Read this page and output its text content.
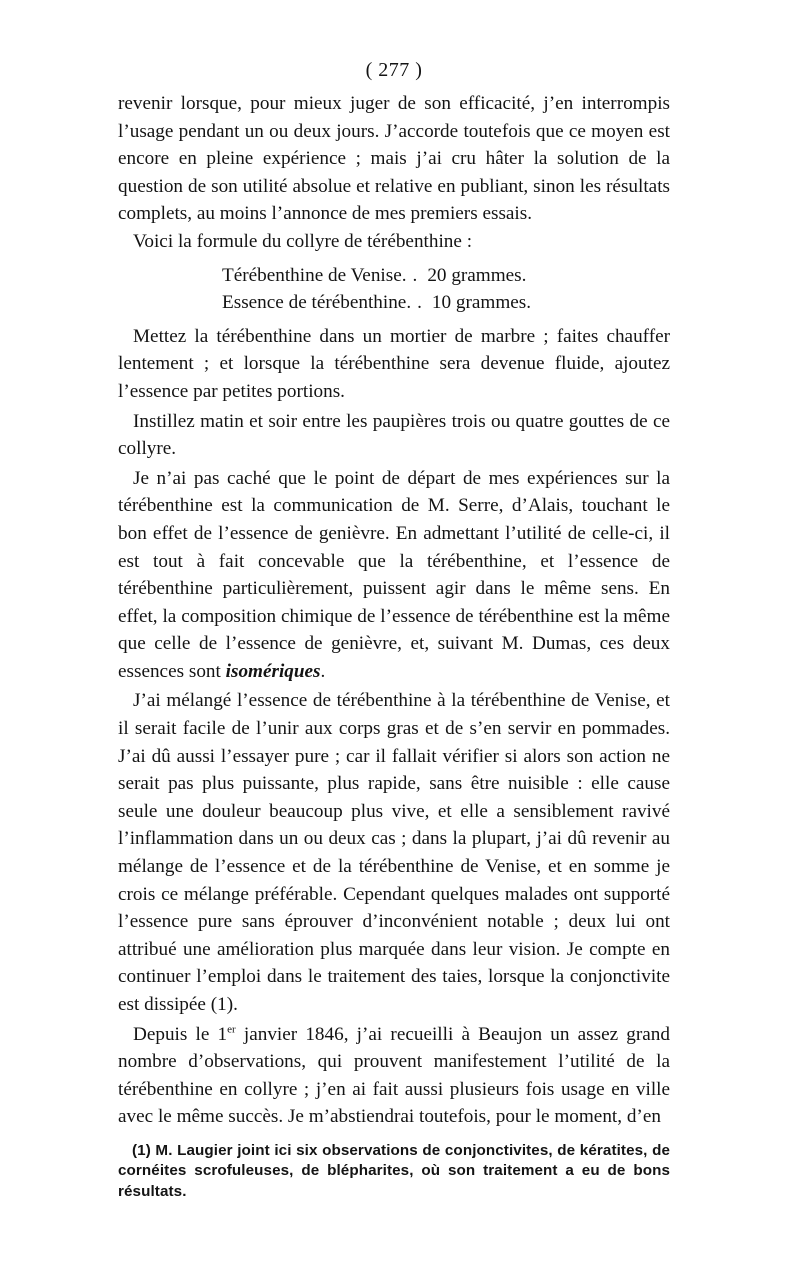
( 277 )

revenir lorsque, pour mieux juger de son efficacité, j’en interrompis l’usage pendant un ou deux jours. J’accorde toutefois que ce moyen est encore en pleine expérience ; mais j’ai cru hâter la solution de la question de son utilité absolue et relative en publiant, sinon les résultats complets, au moins l’annonce de mes premiers essais.

Voici la formule du collyre de térébenthine :

Térébenthine de Venise. . 20 grammes.
Essence de térébenthine. . 10 grammes.

Mettez la térébenthine dans un mortier de marbre ; faites chauffer lentement ; et lorsque la térébenthine sera devenue fluide, ajoutez l’essence par petites portions.

Instillez matin et soir entre les paupières trois ou quatre gouttes de ce collyre.

Je n’ai pas caché que le point de départ de mes expériences sur la térébenthine est la communication de M. Serre, d’Alais, touchant le bon effet de l’essence de genièvre. En admettant l’utilité de celle-ci, il est tout à fait concevable que la térébenthine, et l’essence de térébenthine particulièrement, puissent agir dans le même sens. En effet, la composition chimique de l’essence de térébenthine est la même que celle de l’essence de genièvre, et, suivant M. Dumas, ces deux essences sont isomériques.

J’ai mélangé l’essence de térébenthine à la térébenthine de Venise, et il serait facile de l’unir aux corps gras et de s’en servir en pommades. J’ai dû aussi l’essayer pure ; car il fallait vérifier si alors son action ne serait pas plus puissante, plus rapide, sans être nuisible : elle cause seule une douleur beaucoup plus vive, et elle a sensiblement ravivé l’inflammation dans un ou deux cas ; dans la plupart, j’ai dû revenir au mélange de l’essence et de la térébenthine de Venise, et en somme je crois ce mélange préférable. Cependant quelques malades ont supporté l’essence pure sans éprouver d’inconvénient notable ; deux lui ont attribué une amélioration plus marquée dans leur vision. Je compte en continuer l’emploi dans le traitement des taies, lorsque la conjonctivite est dissipée (1).

Depuis le 1er janvier 1846, j’ai recueilli à Beaujon un assez grand nombre d’observations, qui prouvent manifestement l’utilité de la térébenthine en collyre ; j’en ai fait aussi plusieurs fois usage en ville avec le même succès. Je m’abstiendrai toutefois, pour le moment, d’en

(1) M. Laugier joint ici six observations de conjonctivites, de kératites, de cornéites scrofuleuses, de blépharites, où son traitement a eu de bons résultats.
